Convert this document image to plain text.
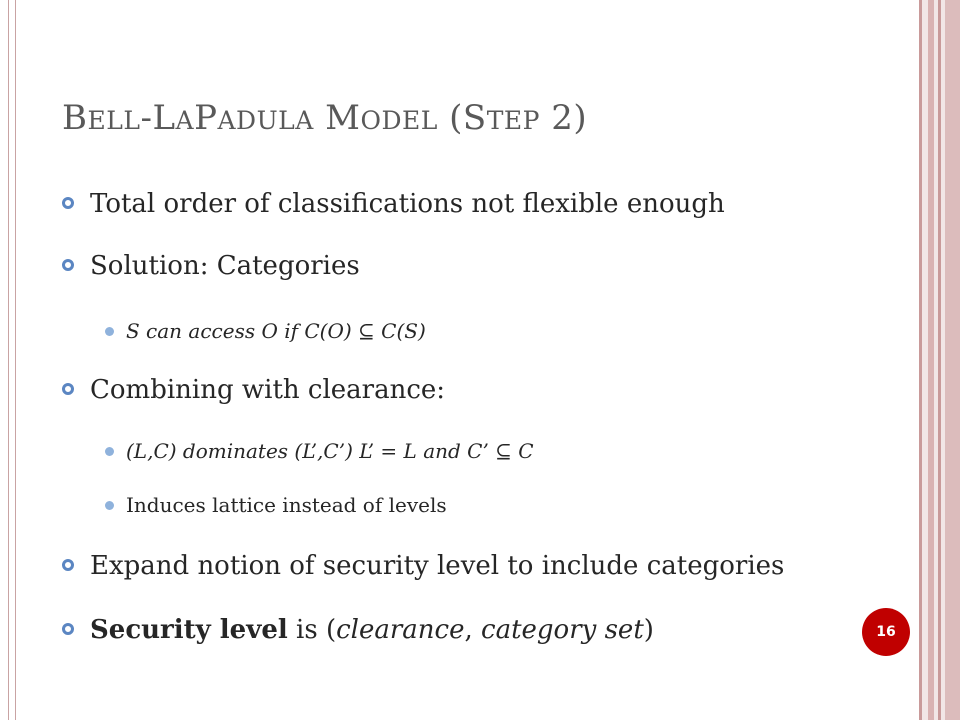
BELL-LAPADULA MODEL (STEP 2)
Total order of classifications not flexible enough
Solution: Categories
S can access O if C(O) ⊆ C(S)
Combining with clearance:
(L,C) dominates (L’,C’) L’ = L and C’ ⊆ C
Induces lattice instead of levels
Expand notion of security level to include categories
Security level is (clearance, category set)	16
